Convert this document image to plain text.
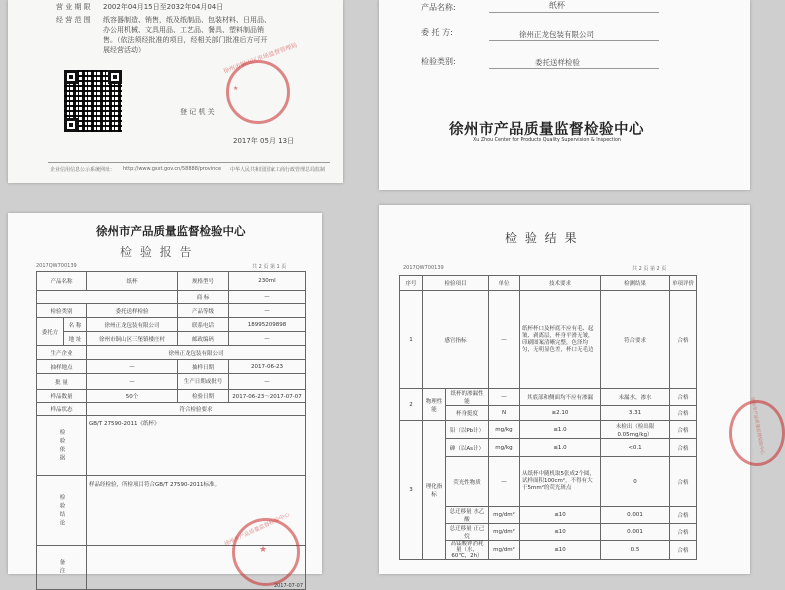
营 业 期 限 2002年04月15日至2032年04月04日
经 营 范 围 纸容器制造、销售，纸及纸制品、包装材料、日用品、
办公用机械、文具用品、工艺品、餐具、塑料制品销
售。（依法须经批准的项目，经相关部门批准后方可开
展经营活动）
登 记 机 关
★
徐州市铜山区市场监督管理局
2017年 05月 13日
企业信用信息公示系统网址： http://www.gsxt.gov.cn/58888/province 中华人民共和国国家工商行政管理总局监制
产品名称:	纸杯
委 托 方:	徐州正龙包装有限公司
检验类别:	委托送样检验
徐州市产品质量监督检验中心
Xu Zhou Center for Products Quality Supervision & Inspection
徐州市产品质量监督检验中心
检 验 报 告
2017QW700139	共 2 页 第 1 页
产品名称		纸杯	规格型号	230ml
			商 标	—
检验类别		委托送样检验	产品等级	—
委托方	名 称	徐州正龙包装有限公司	联系电话	18995209898
	地 址	徐州市铜山区三堡镇楼庄村	邮政编码	—
生产企业		徐州正龙包装有限公司		
抽样地点		—	抽样日期	2017-06-23
批 量		—	生产日期或批号	—
样品数量		50个	检验日期	2017-06-23～2017-07-07
样品状态		符合检验要求		
检验依据		GB/T 27590-2011《纸杯》		
检验结论		样品经检验，所检项目符合GB/T 27590-2011标准。		
备注		2017-07-07		
★
徐州市产品质量监督检验中心
检 验 结 果
2017QW700139	共 2 页 第 2 页
序号	检验项目		单位	技术要求	检测结果	单项评价
1	感官指标		—	纸杯杯口及杯底不应有毛、起皱、剥离层，杯身平滑无皱，印刷图案清晰完整，色泽均匀，无明显色差，杯口无毛边	符合要求	合格
2	物理性能	纸杯的渗漏性能	—	其底部和侧面均不应有渗漏	未漏水，渗水	合格
		杯身挺度	N	≥2.10	3.31	合格
3	理化指标	铅（以Pb计）	mg/kg	≤1.0	未检出（检出限0.05mg/kg）	合格
		砷（以As计）	mg/kg	≤1.0	<0.1	合格
		荧光性物质	—	从纸杯中随机取5张成2个圆，试样面积100cm²，不得有大于5mm²的荧光斑点	0	合格
		总迁移量 水乙酸	mg/dm²	≤10	0.001	合格
		总迁移量 正己烷	mg/dm²	≤10	0.001	合格
		高锰酸钾消耗量（水，60℃，2h）	mg/dm²	≤10	0.5	合格
徐州市产品质量监督检验中心
